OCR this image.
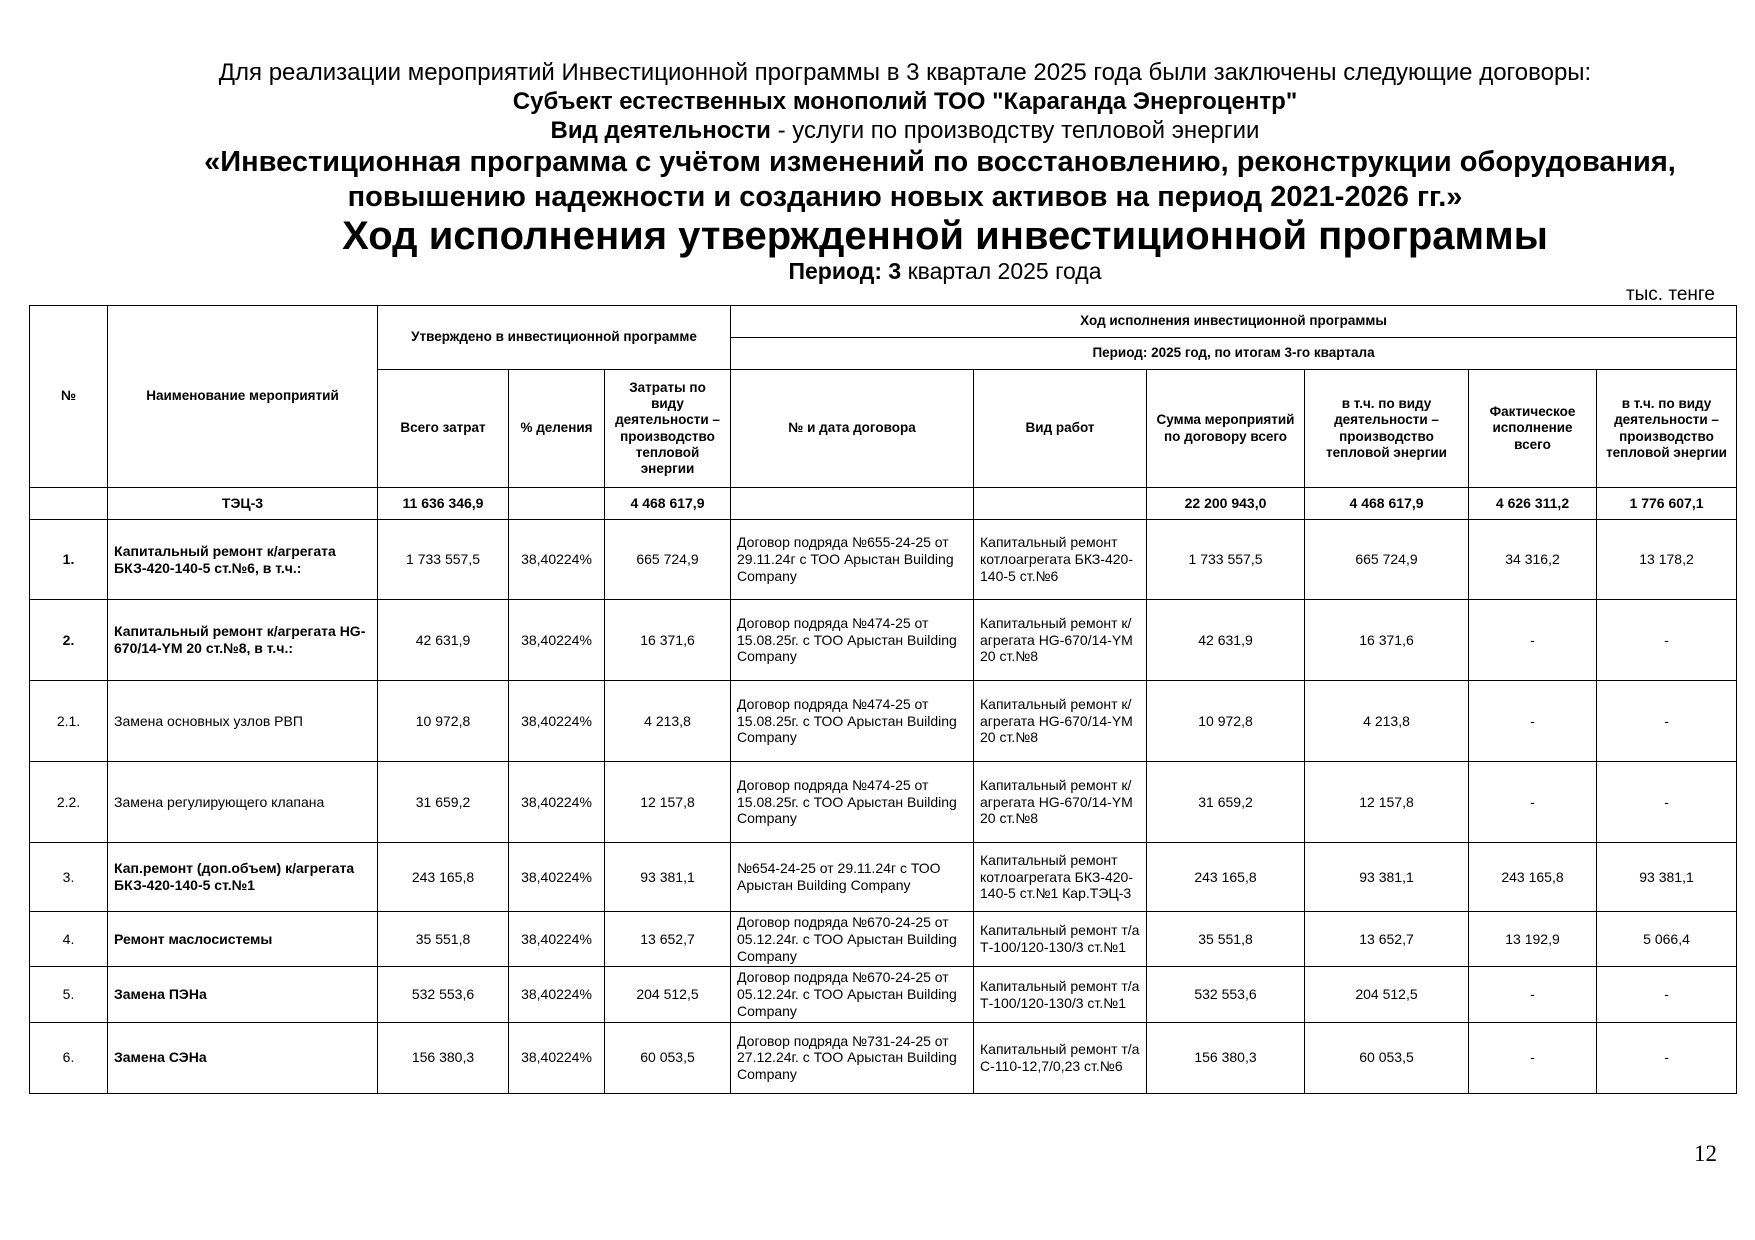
Для реализации мероприятий Инвестиционной программы в 3 квартале 2025 года были заключены следующие договоры:
Субъект естественных монополий ТОО "Караганда Энергоцентр"
Вид деятельности - услуги по производству тепловой энергии
«Инвестиционная программа с учётом изменений по восстановлению, реконструкции оборудования,
повышению надежности и созданию новых активов на период 2021-2026 гг.»
Ход исполнения утвержденной инвестиционной программы
Период: 3 квартал 2025 года
тыс. тенге
№	Наименование мероприятий	Утверждено в инвестиционной программе			Ход исполнения инвестиционной программы					
					Период: 2025 год, по итогам 3-го квартала					
		Всего затрат	% деления	Затраты по виду деятельности – производство тепловой энергии	№ и дата договора	Вид работ	Сумма мероприятий по договору всего	в т.ч. по виду деятельности – производство тепловой энергии	Фактическое исполнение всего	в т.ч. по виду деятельности – производство тепловой энергии
	ТЭЦ-3	11 636 346,9		4 468 617,9			22 200 943,0	4 468 617,9	4 626 311,2	1 776 607,1
1.	Капитальный ремонт к/агрегата БКЗ-420-140-5 ст.№6, в т.ч.:	1 733 557,5	38,40224%	665 724,9	Договор подряда №655-24-25 от 29.11.24г с ТОО Арыстан Building Company	Капитальный ремонт котлоагрегата БКЗ-420-140-5 ст.№6	1 733 557,5	665 724,9	34 316,2	13 178,2
2.	Капитальный ремонт к/агрегата HG-670/14-YM 20 ст.№8, в т.ч.:	42 631,9	38,40224%	16 371,6	Договор подряда №474-25 от 15.08.25г. с ТОО Арыстан Building Company	Капитальный ремонт к/агрегата HG-670/14-YM 20 ст.№8	42 631,9	16 371,6	-	-
2.1.	Замена основных узлов РВП	10 972,8	38,40224%	4 213,8	Договор подряда №474-25 от 15.08.25г. с ТОО Арыстан Building Company	Капитальный ремонт к/агрегата HG-670/14-YM 20 ст.№8	10 972,8	4 213,8	-	-
2.2.	Замена регулирующего клапана	31 659,2	38,40224%	12 157,8	Договор подряда №474-25 от 15.08.25г. с ТОО Арыстан Building Company	Капитальный ремонт к/агрегата HG-670/14-YM 20 ст.№8	31 659,2	12 157,8	-	-
3.	Кап.ремонт (доп.объем) к/агрегата БКЗ-420-140-5 ст.№1	243 165,8	38,40224%	93 381,1	№654-24-25 от 29.11.24г с ТОО Арыстан Building Company	Капитальный ремонт котлоагрегата БКЗ-420-140-5 ст.№1 Кар.ТЭЦ-3	243 165,8	93 381,1	243 165,8	93 381,1
4.	Ремонт маслосистемы	35 551,8	38,40224%	13 652,7	Договор подряда №670-24-25 от 05.12.24г. с ТОО Арыстан Building Company	Капитальный ремонт т/а Т-100/120-130/3 ст.№1	35 551,8	13 652,7	13 192,9	5 066,4
5.	Замена ПЭНа	532 553,6	38,40224%	204 512,5	Договор подряда №670-24-25 от 05.12.24г. с ТОО Арыстан Building Company	Капитальный ремонт т/а Т-100/120-130/3 ст.№1	532 553,6	204 512,5	-	-
6.	Замена СЭНа	156 380,3	38,40224%	60 053,5	Договор подряда №731-24-25 от 27.12.24г. с ТОО Арыстан Building Company	Капитальный ремонт т/а С-110-12,7/0,23 ст.№6	156 380,3	60 053,5	-	-
12
